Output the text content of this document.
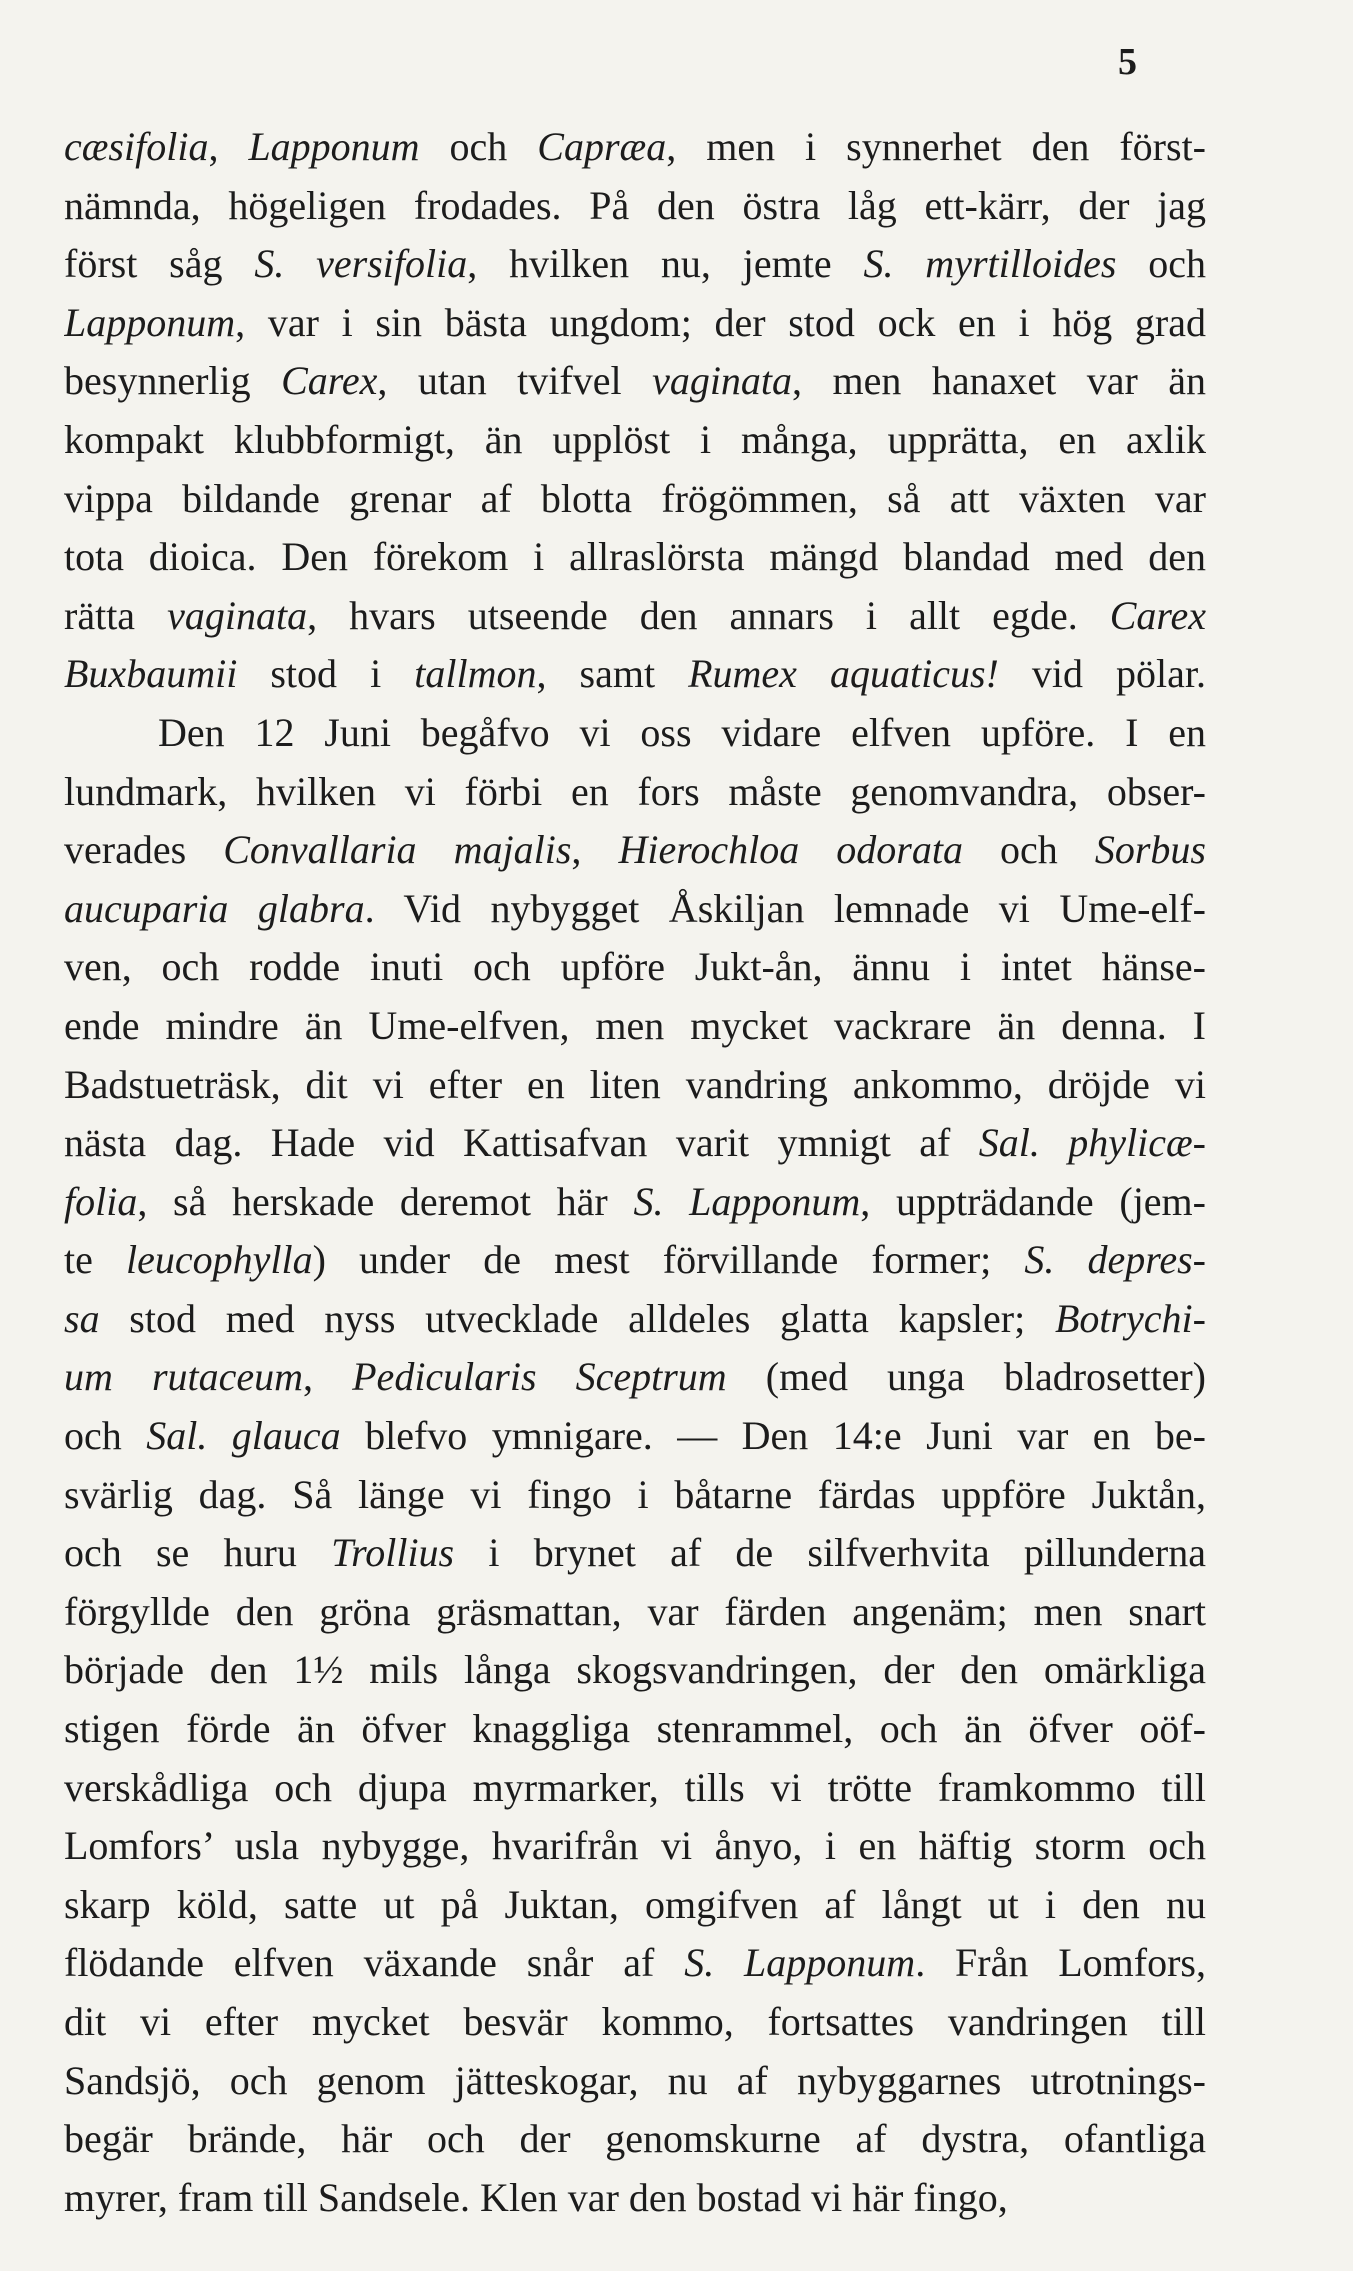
5
cæsifolia, Lapponum och Capræa, men i synnerhet den först-
nämnda, högeligen frodades. På den östra låg ett-kärr, der jag
först såg S. versifolia, hvilken nu, jemte S. myrtilloides och
Lapponum, var i sin bästa ungdom; der stod ock en i hög grad
besynnerlig Carex, utan tvifvel vaginata, men hanaxet var än
kompakt klubbformigt, än upplöst i många, upprätta, en axlik
vippa bildande grenar af blotta frögömmen, så att växten var
tota dioica. Den förekom i allraslörsta mängd blandad med den
rätta vaginata, hvars utseende den annars i allt egde. Carex
Buxbaumii stod i tallmon, samt Rumex aquaticus! vid pölar.
Den 12 Juni begåfvo vi oss vidare elfven upföre. I en
lundmark, hvilken vi förbi en fors måste genomvandra, obser-
verades Convallaria majalis, Hierochloa odorata och Sorbus
aucuparia glabra. Vid nybygget Åskiljan lemnade vi Ume-elf-
ven, och rodde inuti och upföre Jukt-ån, ännu i intet hänse-
ende mindre än Ume-elfven, men mycket vackrare än denna. I
Badstueträsk, dit vi efter en liten vandring ankommo, dröjde vi
nästa dag. Hade vid Kattisafvan varit ymnigt af Sal. phylicæ-
folia, så herskade deremot här S. Lapponum, uppträdande (jem-
te leucophylla) under de mest förvillande former; S. depres-
sa stod med nyss utvecklade alldeles glatta kapsler; Botrychi-
um rutaceum, Pedicularis Sceptrum (med unga bladrosetter)
och Sal. glauca blefvo ymnigare. — Den 14:e Juni var en be-
svärlig dag. Så länge vi fingo i båtarne färdas uppföre Juktån,
och se huru Trollius i brynet af de silfverhvita pillunderna
förgyllde den gröna gräsmattan, var färden angenäm; men snart
började den 1½ mils långa skogsvandringen, der den omärkliga
stigen förde än öfver knaggliga stenrammel, och än öfver oöf-
verskådliga och djupa myrmarker, tills vi trötte framkommo till
Lomfors’ usla nybygge, hvarifrån vi ånyo, i en häftig storm och
skarp köld, satte ut på Juktan, omgifven af långt ut i den nu
flödande elfven växande snår af S. Lapponum. Från Lomfors,
dit vi efter mycket besvär kommo, fortsattes vandringen till
Sandsjö, och genom jätteskogar, nu af nybyggarnes utrotnings-
begär brände, här och der genomskurne af dystra, ofantliga
myrer, fram till Sandsele. Klen var den bostad vi här fingo,
